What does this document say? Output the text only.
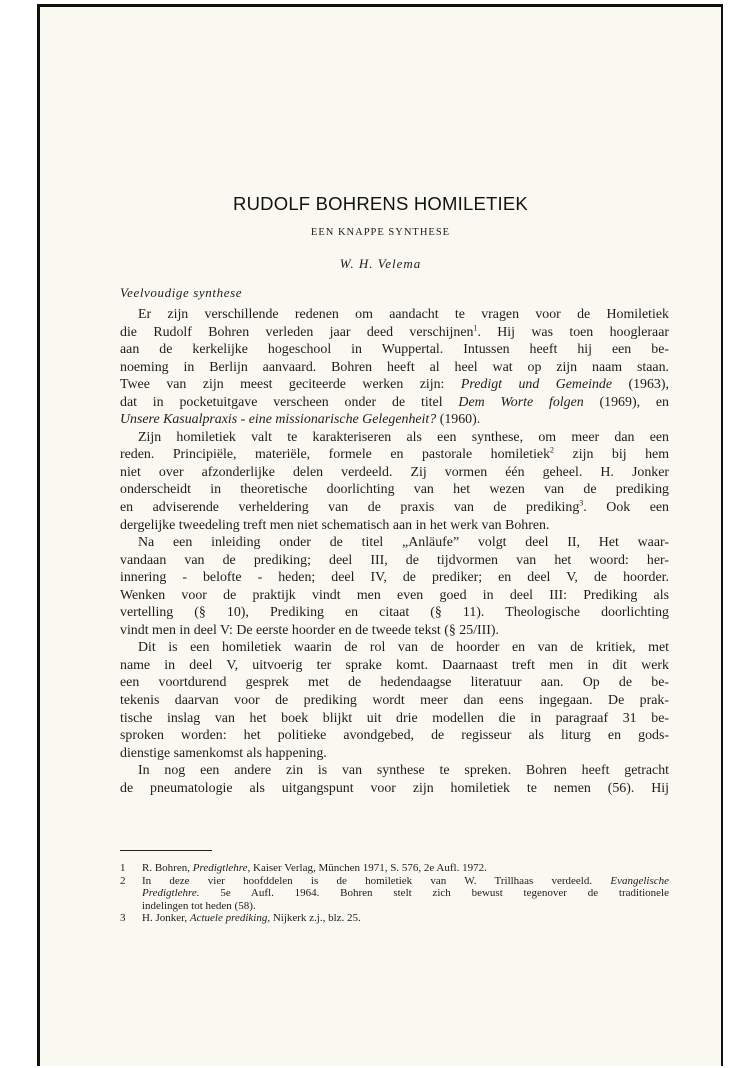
RUDOLF BOHRENS HOMILETIEK
EEN KNAPPE SYNTHESE
W. H. Velema
Veelvoudige synthese
Er zijn verschillende redenen om aandacht te vragen voor de Homiletiek
die Rudolf Bohren verleden jaar deed verschijnen$^1$. Hij was toen hoogleraar
aan de kerkelijke hogeschool in Wuppertal. Intussen heeft hij een be-
noeming in Berlijn aanvaard. Bohren heeft al heel wat op zijn naam staan.
Twee van zijn meest geciteerde werken zijn: Predigt und Gemeinde (1963),
dat in pocketuitgave verscheen onder de titel Dem Worte folgen (1969), en
Unsere Kasualpraxis - eine missionarische Gelegenheit? (1960).
Zijn homiletiek valt te karakteriseren als een synthese, om meer dan een
reden. Principiële, materiële, formele en pastorale homiletiek$^2$ zijn bij hem
niet over afzonderlijke delen verdeeld. Zij vormen één geheel. H. Jonker
onderscheidt in theoretische doorlichting van het wezen van de prediking
en adviserende verheldering van de praxis van de prediking$^3$. Ook een
dergelijke tweedeling treft men niet schematisch aan in het werk van Bohren.
Na een inleiding onder de titel „Anläufe” volgt deel II, Het waar-
vandaan van de prediking; deel III, de tijdvormen van het woord: her-
innering - belofte - heden; deel IV, de prediker; en deel V, de hoorder.
Wenken voor de praktijk vindt men even goed in deel III: Prediking als
vertelling (§ 10), Prediking en citaat (§ 11). Theologische doorlichting
vindt men in deel V: De eerste hoorder en de tweede tekst (§ 25/III).
Dit is een homiletiek waarin de rol van de hoorder en van de kritiek, met
name in deel V, uitvoerig ter sprake komt. Daarnaast treft men in dit werk
een voortdurend gesprek met de hedendaagse literatuur aan. Op de be-
tekenis daarvan voor de prediking wordt meer dan eens ingegaan. De prak-
tische inslag van het boek blijkt uit drie modellen die in paragraaf 31 be-
sproken worden: het politieke avondgebed, de regisseur als liturg en gods-
dienstige samenkomst als happening.
In nog een andere zin is van synthese te spreken. Bohren heeft getracht
de pneumatologie als uitgangspunt voor zijn homiletiek te nemen (56). Hij
1 R. Bohren, Predigtlehre, Kaiser Verlag, München 1971, S. 576, 2e Aufl. 1972.
2 In deze vier hoofddelen is de homiletiek van W. Trillhaas verdeeld. Evangelische
Predigtlehre. 5e Aufl. 1964. Bohren stelt zich bewust tegenover de traditionele
indelingen tot heden (58).
3 H. Jonker, Actuele prediking, Nijkerk z.j., blz. 25.
